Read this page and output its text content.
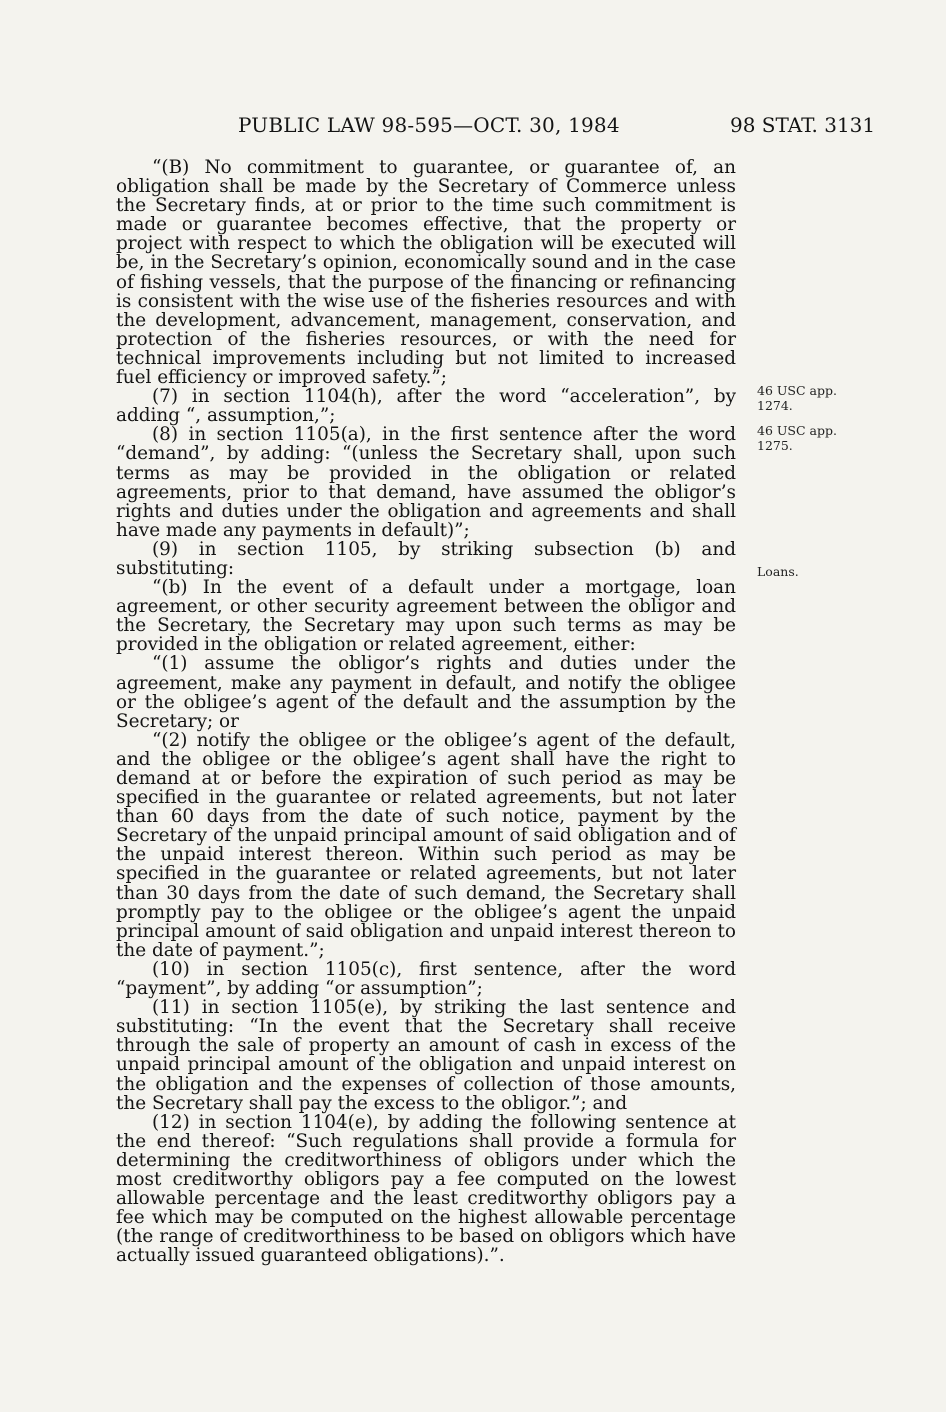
PUBLIC LAW 98-595—OCT. 30, 1984	98 STAT. 3131

“(B) No commitment to guarantee, or guarantee of, an obligation shall be made by the Secretary of Commerce unless the Secretary finds, at or prior to the time such commitment is made or guarantee becomes effective, that the property or project with respect to which the obligation will be executed will be, in the Secretary’s opinion, economically sound and in the case of fishing vessels, that the purpose of the financing or refinancing is consistent with the wise use of the fisheries resources and with the development, advancement, management, conservation, and protection of the fisheries resources, or with the need for technical improvements including but not limited to increased fuel efficiency or improved safety.”;

(7) in section 1104(h), after the word “acceleration”, by adding “, assumption,”;

(8) in section 1105(a), in the first sentence after the word “demand”, by adding: “(unless the Secretary shall, upon such terms as may be provided in the obligation or related agreements, prior to that demand, have assumed the obligor’s rights and duties under the obligation and agreements and shall have made any payments in default)”;

(9) in section 1105, by striking subsection (b) and substituting:

“(b) In the event of a default under a mortgage, loan agreement, or other security agreement between the obligor and the Secretary, the Secretary may upon such terms as may be provided in the obligation or related agreement, either:

“(1) assume the obligor’s rights and duties under the agreement, make any payment in default, and notify the obligee or the obligee’s agent of the default and the assumption by the Secretary; or

“(2) notify the obligee or the obligee’s agent of the default, and the obligee or the obligee’s agent shall have the right to demand at or before the expiration of such period as may be specified in the guarantee or related agreements, but not later than 60 days from the date of such notice, payment by the Secretary of the unpaid principal amount of said obligation and of the unpaid interest thereon. Within such period as may be specified in the guarantee or related agreements, but not later than 30 days from the date of such demand, the Secretary shall promptly pay to the obligee or the obligee’s agent the unpaid principal amount of said obligation and unpaid interest thereon to the date of payment.”;

(10) in section 1105(c), first sentence, after the word “payment”, by adding “or assumption”;

(11) in section 1105(e), by striking the last sentence and substituting: “In the event that the Secretary shall receive through the sale of property an amount of cash in excess of the unpaid principal amount of the obligation and unpaid interest on the obligation and the expenses of collection of those amounts, the Secretary shall pay the excess to the obligor.”; and

(12) in section 1104(e), by adding the following sentence at the end thereof: “Such regulations shall provide a formula for determining the creditworthiness of obligors under which the most creditworthy obligors pay a fee computed on the lowest allowable percentage and the least creditworthy obligors pay a fee which may be computed on the highest allowable percentage (the range of creditworthiness to be based on obligors which have actually issued guaranteed obligations).”.

46 USC app. 1274.
46 USC app. 1275.
Loans.
